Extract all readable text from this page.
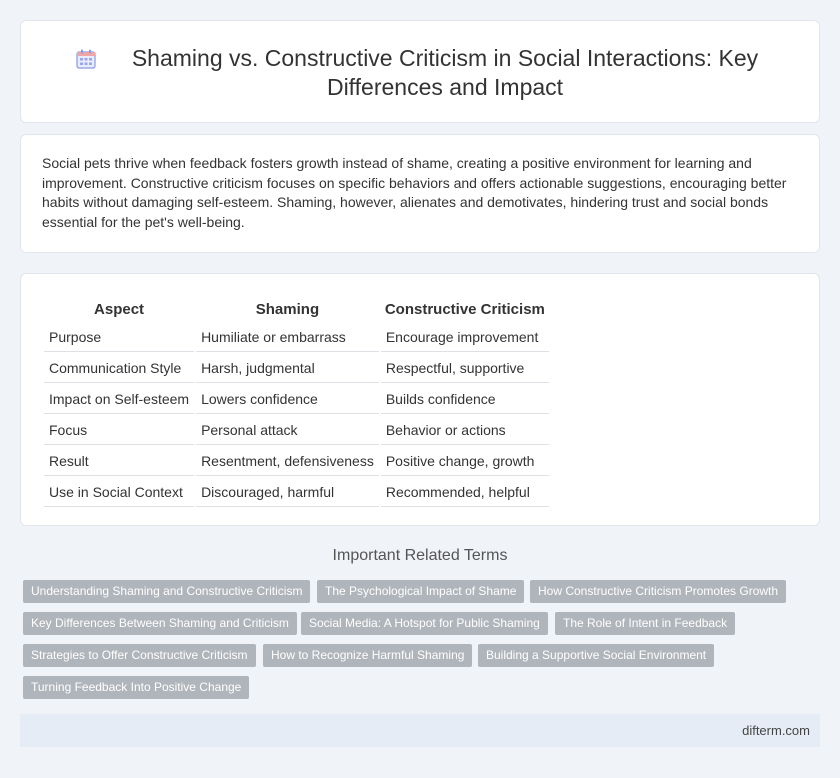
Shaming vs. Constructive Criticism in Social Interactions: Key Differences and Impact

Social pets thrive when feedback fosters growth instead of shame, creating a positive environment for learning and improvement. Constructive criticism focuses on specific behaviors and offers actionable suggestions, encouraging better habits without damaging self-esteem. Shaming, however, alienates and demotivates, hindering trust and social bonds essential for the pet's well-being.

Aspect	Shaming	Constructive Criticism
Purpose	Humiliate or embarrass	Encourage improvement
Communication Style	Harsh, judgmental	Respectful, supportive
Impact on Self-esteem	Lowers confidence	Builds confidence
Focus	Personal attack	Behavior or actions
Result	Resentment, defensiveness	Positive change, growth
Use in Social Context	Discouraged, harmful	Recommended, helpful
Important Related Terms
Understanding Shaming and Constructive Criticism	The Psychological Impact of Shame	How Constructive Criticism Promotes Growth
Key Differences Between Shaming and Criticism	Social Media: A Hotspot for Public Shaming	The Role of Intent in Feedback
Strategies to Offer Constructive Criticism	How to Recognize Harmful Shaming	Building a Supportive Social Environment
Turning Feedback Into Positive Change
difterm.com
